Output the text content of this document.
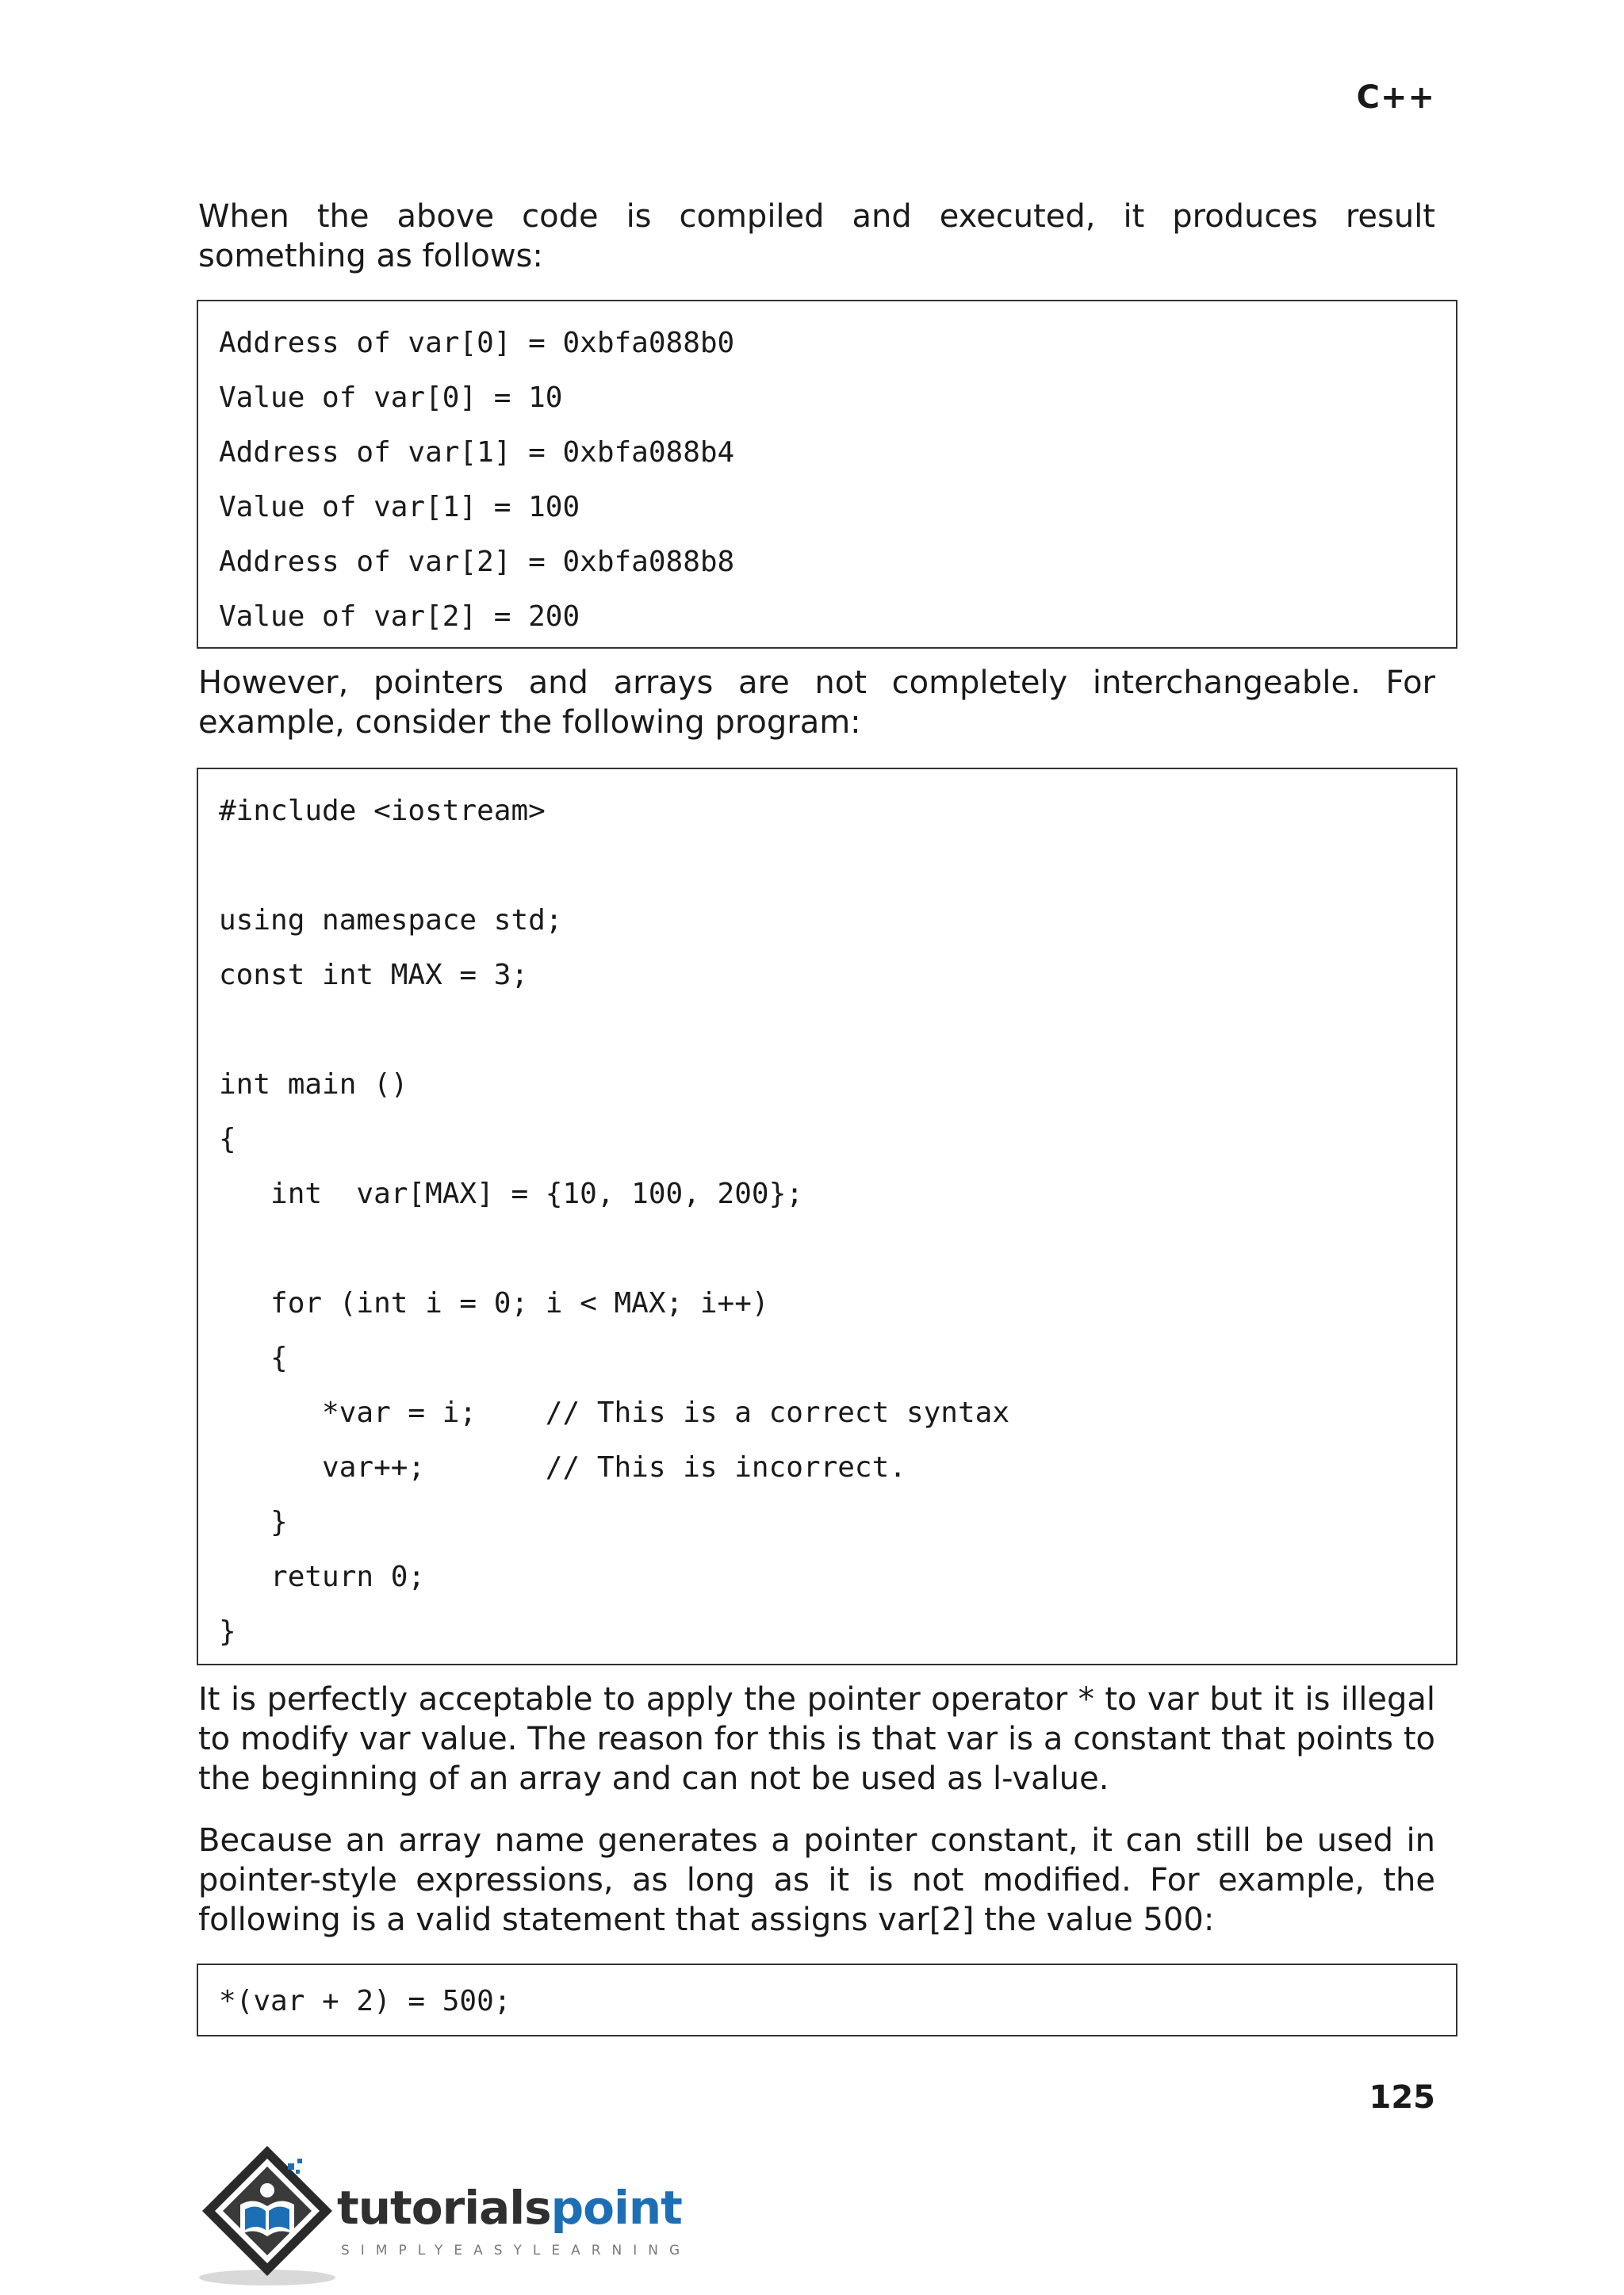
C++

When the above code is compiled and executed, it produces result something as follows:

Address of var[0] = 0xbfa088b0
Value of var[0] = 10
Address of var[1] = 0xbfa088b4
Value of var[1] = 100
Address of var[2] = 0xbfa088b8
Value of var[2] = 200

However, pointers and arrays are not completely interchangeable. For example, consider the following program:

#include <iostream>
using namespace std;
const int MAX = 3;
int main ()
{
int  var[MAX] = {10, 100, 200};
for (int i = 0; i < MAX; i++)
{
*var = i;    // This is a correct syntax
var++;       // This is incorrect.
}
return 0;
}

It is perfectly acceptable to apply the pointer operator * to var but it is illegal to modify var value. The reason for this is that var is a constant that points to the beginning of an array and can not be used as l-value.

Because an array name generates a pointer constant, it can still be used in pointer-style expressions, as long as it is not modified. For example, the following is a valid statement that assigns var[2] the value 500:

*(var + 2) = 500;
125
tutorialspoint
SIMPLYEASYLEARNING
